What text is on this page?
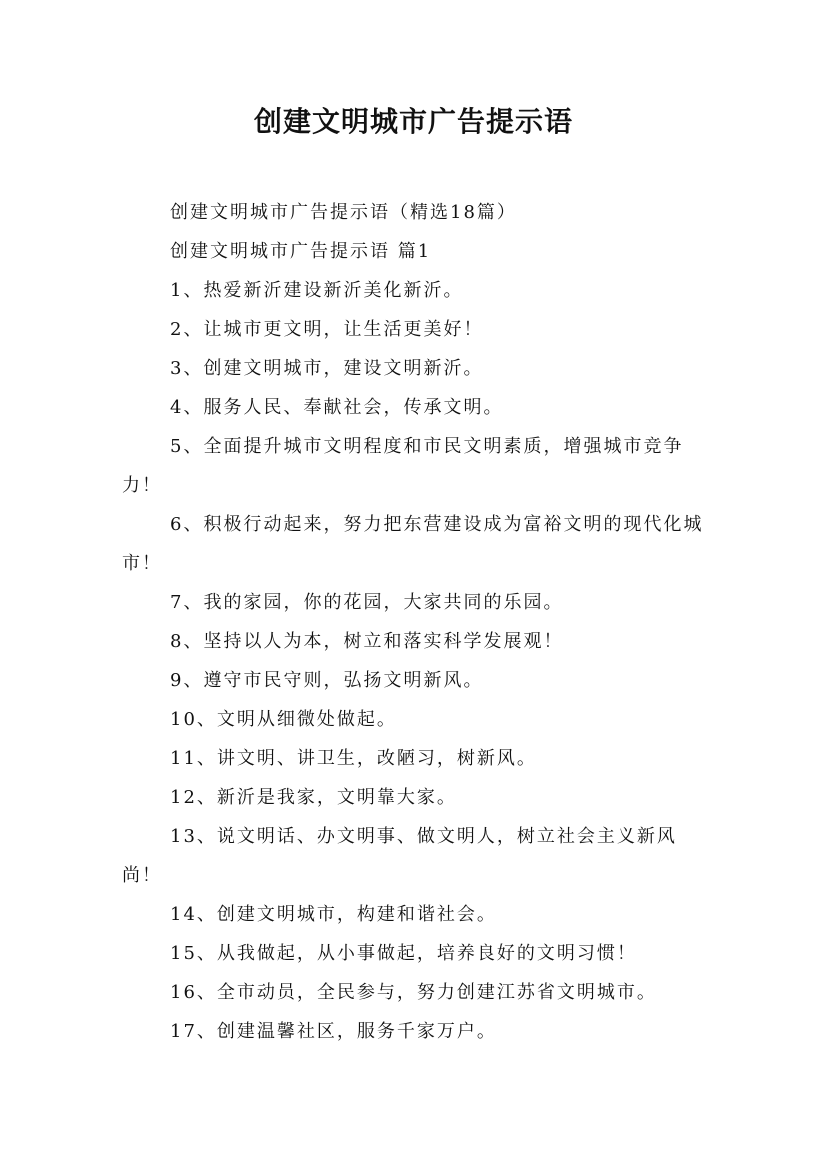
创建文明城市广告提示语

创建文明城市广告提示语（精选18篇）

创建文明城市广告提示语 篇1

1、热爱新沂建设新沂美化新沂。

2、让城市更文明，让生活更美好！

3、创建文明城市，建设文明新沂。

4、服务人民、奉献社会，传承文明。

5、全面提升城市文明程度和市民文明素质，增强城市竞争力！

6、积极行动起来，努力把东营建设成为富裕文明的现代化城市！

7、我的家园，你的花园，大家共同的乐园。

8、坚持以人为本，树立和落实科学发展观！

9、遵守市民守则，弘扬文明新风。

10、文明从细微处做起。

11、讲文明、讲卫生，改陋习，树新风。

12、新沂是我家，文明靠大家。

13、说文明话、办文明事、做文明人，树立社会主义新风尚！

14、创建文明城市，构建和谐社会。

15、从我做起，从小事做起，培养良好的文明习惯！

16、全市动员，全民参与，努力创建江苏省文明城市。

17、创建温馨社区，服务千家万户。
